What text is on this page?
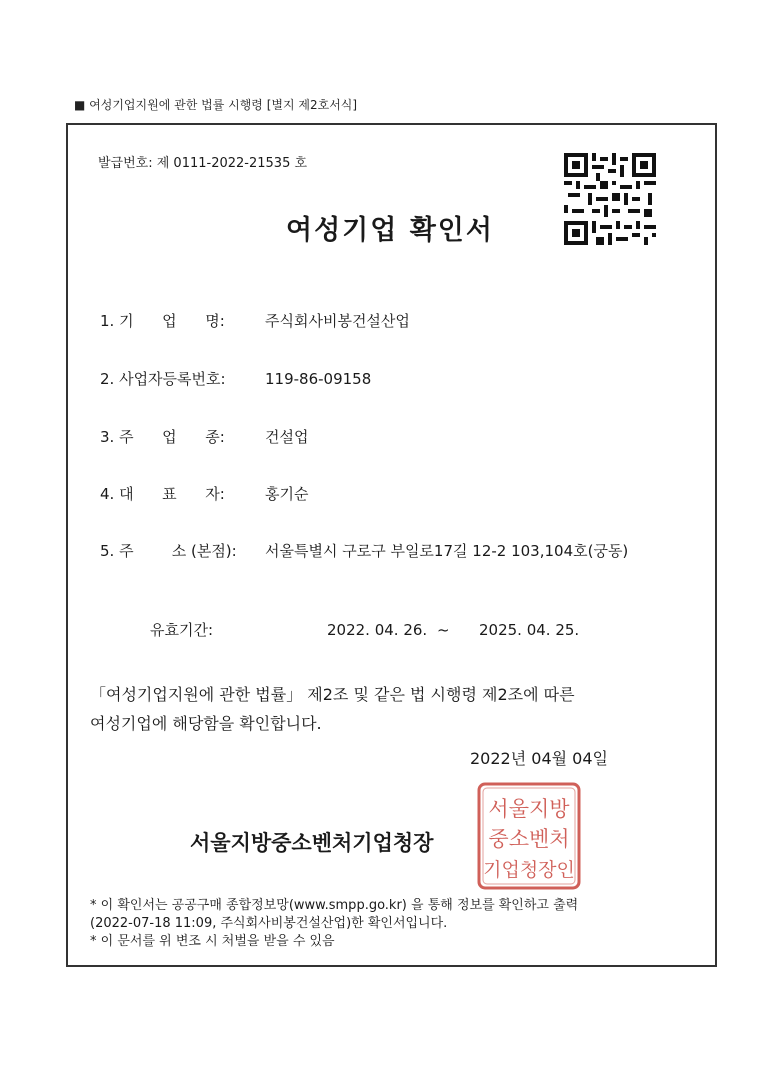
■ 여성기업지원에 관한 법률 시행령 [별지 제2호서식]
발급번호: 제 0111-2022-21535 호
여성기업 확인서
1. 기      업      명:	주식회사비봉건설산업
2. 사업자등록번호:	119-86-09158
3. 주      업      종:	건설업
4. 대      표      자:	홍기순
5. 주        소 (본점): 서울특별시 구로구 부일로17길 12-2 103,104호(궁동)
유효기간:	2022. 04. 26. ~ 2025. 04. 25.
「여성기업지원에 관한 법률」 제2조 및 같은 법 시행령 제2조에 따른
여성기업에 해당함을 확인합니다.
2022년 04월 04일
서울지방중소벤처기업청장
서울지방
중소벤처
기업청장인
* 이 확인서는 공공구매 종합정보망(www.smpp.go.kr) 을 통해 정보를 확인하고 출력
(2022-07-18 11:09, 주식회사비봉건설산업)한 확인서입니다.
* 이 문서를 위 변조 시 처벌을 받을 수 있음
